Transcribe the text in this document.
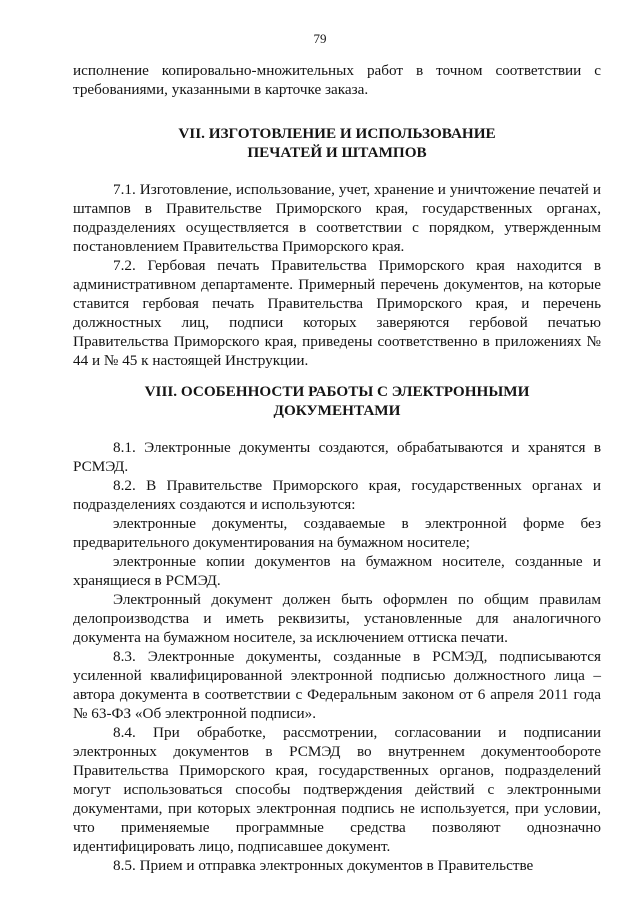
79

исполнение копировально-множительных работ в точном соответствии с требованиями, указанными в карточке заказа.

VII. ИЗГОТОВЛЕНИЕ И ИСПОЛЬЗОВАНИЕ
ПЕЧАТЕЙ И ШТАМПОВ

7.1. Изготовление, использование, учет, хранение и уничтожение печатей и штампов в Правительстве Приморского края, государственных органах, подразделениях осуществляется в соответствии с порядком, утвержденным постановлением Правительства Приморского края.

7.2. Гербовая печать Правительства Приморского края находится в административном департаменте. Примерный перечень документов, на которые ставится гербовая печать Правительства Приморского края, и перечень должностных лиц, подписи которых заверяются гербовой печатью Правительства Приморского края, приведены соответственно в приложениях № 44 и № 45 к настоящей Инструкции.

VIII. ОСОБЕННОСТИ РАБОТЫ С ЭЛЕКТРОННЫМИ
ДОКУМЕНТАМИ

8.1. Электронные документы создаются, обрабатываются и хранятся в РСМЭД.

8.2. В Правительстве Приморского края, государственных органах и подразделениях создаются и используются:

электронные документы, создаваемые в электронной форме без предварительного документирования на бумажном носителе;

электронные копии документов на бумажном носителе, созданные и хранящиеся в РСМЭД.

Электронный документ должен быть оформлен по общим правилам делопроизводства и иметь реквизиты, установленные для аналогичного документа на бумажном носителе, за исключением оттиска печати.

8.3. Электронные документы, созданные в РСМЭД, подписываются усиленной квалифицированной электронной подписью должностного лица – автора документа в соответствии с Федеральным законом от 6 апреля 2011 года № 63-ФЗ «Об электронной подписи».

8.4. При обработке, рассмотрении, согласовании и подписании электронных документов в РСМЭД во внутреннем документообороте Правительства Приморского края, государственных органов, подразделений могут использоваться способы подтверждения действий с электронными документами, при которых электронная подпись не используется, при условии, что применяемые программные средства позволяют однозначно идентифицировать лицо, подписавшее документ.

8.5. Прием и отправка электронных документов в Правительстве
